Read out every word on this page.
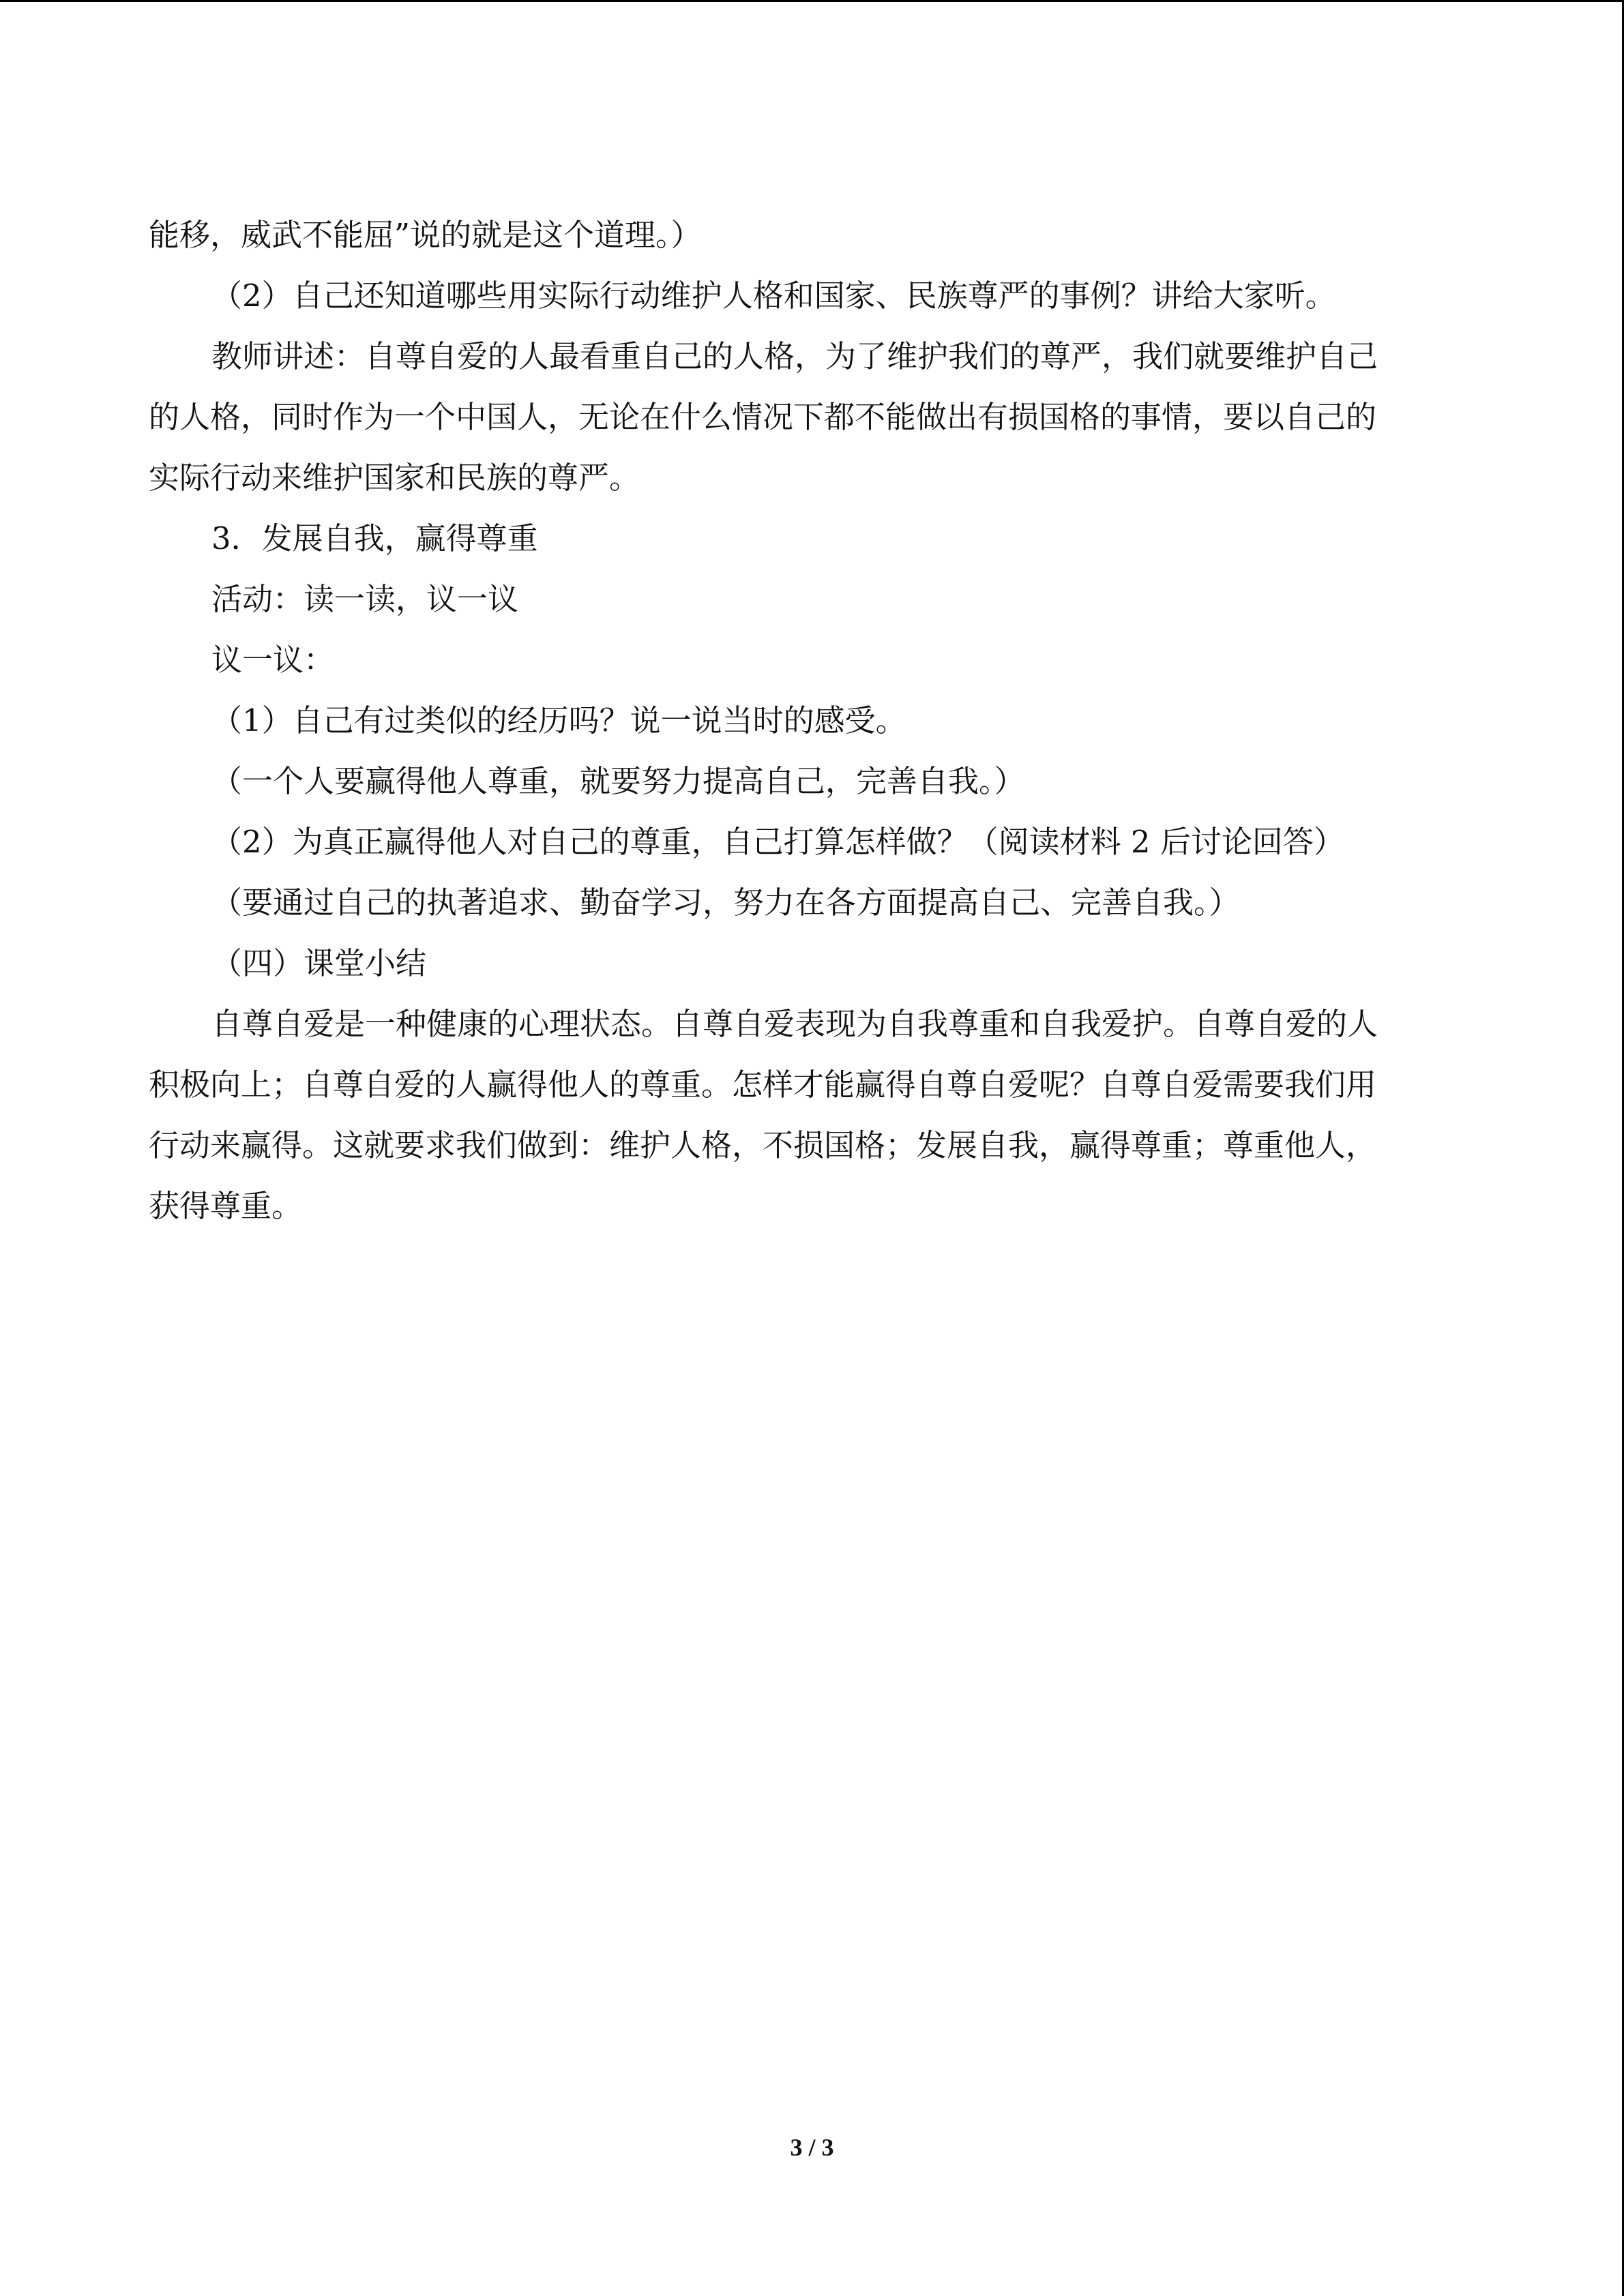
能移，威武不能屈”说的就是这个道理。）

（2）自己还知道哪些用实际行动维护人格和国家、民族尊严的事例？讲给大家听。

教师讲述：自尊自爱的人最看重自己的人格，为了维护我们的尊严，我们就要维护自己

的人格，同时作为一个中国人，无论在什么情况下都不能做出有损国格的事情，要以自己的

实际行动来维护国家和民族的尊严。

3．发展自我，赢得尊重

活动：读一读，议一议

议一议：

（1）自己有过类似的经历吗？说一说当时的感受。

（一个人要赢得他人尊重，就要努力提高自己，完善自我。）

（2）为真正赢得他人对自己的尊重，自己打算怎样做？（阅读材料 2 后讨论回答）

（要通过自己的执著追求、勤奋学习，努力在各方面提高自己、完善自我。）

（四）课堂小结

自尊自爱是一种健康的心理状态。自尊自爱表现为自我尊重和自我爱护。自尊自爱的人

积极向上；自尊自爱的人赢得他人的尊重。怎样才能赢得自尊自爱呢？自尊自爱需要我们用

行动来赢得。这就要求我们做到：维护人格，不损国格；发展自我，赢得尊重；尊重他人，

获得尊重。

3 / 3
